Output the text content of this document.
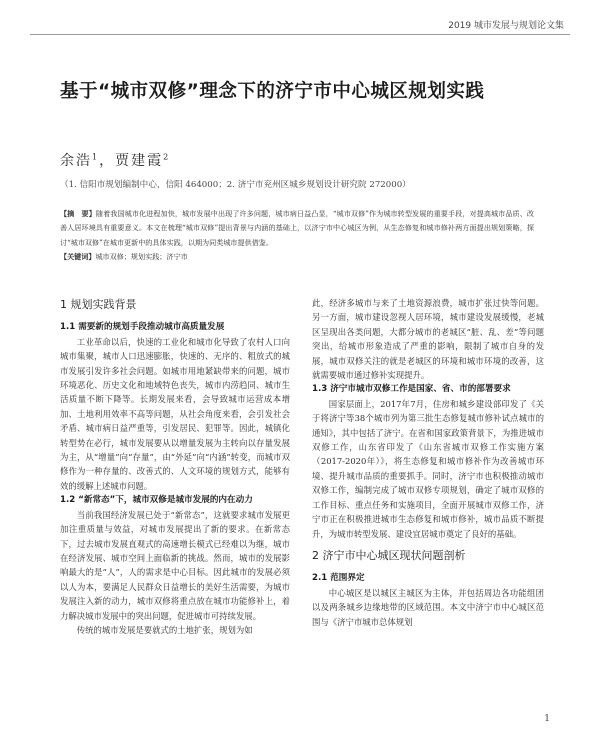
2019 城市发展与规划论文集
基于“城市双修”理念下的济宁市中心城区规划实践
余浩$^1$，贾建霞$^2$
（1. 信阳市规划编制中心，信阳 464000；2. 济宁市兖州区城乡规划设计研究院 272000）
【摘　要】随着我国城市化进程加快，城市发展中出现了许多问题，城市病日益凸显，“城市双修”作为城市转型发展的重要手段，对提高城市品质、改善人居环境具有重要意义。本文在梳理“城市双修”提出背景与内涵的基础上，以济宁市中心城区为例，从生态修复和城市修补两方面提出规划策略，探讨“城市双修”在城市更新中的具体实践，以期为同类城市提供借鉴。
【关键词】城市双修；规划实践；济宁市
1 规划实践背景
1.1 需要新的规划手段推动城市高质量发展

工业革命以后，快速的工业化和城市化导致了农村人口向城市集聚，城市人口迅速膨胀，快速的、无序的、粗放式的城市发展引发许多社会问题。如城市用地紧缺带来的问题，城市环境恶化、历史文化和地域特色丧失，城市内涝趋同、城市生活质量不断下降等。长期发展来看，会导致城市运营成本增加、土地利用效率不高等问题，从社会角度来看，会引发社会矛盾、城市病日益严重等，引发居民、犯罪等。因此，城镇化转型势在必行，城市发展要从以增量发展为主转向以存量发展为主，从“增量”向“存量”，由“外延”向“内涵”转变，而城市双修作为一种存量的、改善式的、人文环境的规划方式，能够有效的缓解上述城市问题。

1.2 “新常态”下，城市双修是城市发展的内在动力

当前我国经济发展已处于“新常态”，这就要求城市发展更加注重质量与效益，对城市发展提出了新的要求。在新常态下，过去城市发展直观式的高速增长模式已经难以为继，城市在经济发展、城市空间上面临新的挑战。然而，城市的发展影响最大的是“人”，人的需求是中心目标。因此城市的发展必须以人为本，要满足人民群众日益增长的美好生活需要，为城市发展注入新的动力，城市双修将重点放在城市功能修补上，着力解决城市发展中的突出问题，促进城市可持续发展。

传统的城市发展是要就式的土地扩张，规划为如

此，经济多城市与来了土地资源浪费，城市扩张过快等问题。另一方面，城市建设忽视人居环境，城市建设发展缓慢，老城区呈现出各类问题，大都分城市的老城区“脏、乱、差”等问题突出，给城市形象造成了严重的影响，限制了城市自身的发展，城市双修关注的就是老城区的环境和城市环境的改善，这就需要城市通过修补实现提升。

1.3 济宁市城市双修工作是国家、省、市的部署要求

国家层面上，2017年7月，住房和城乡建设部印发了《关于将济宁等38个城市列为第三批生态修复城市修补试点城市的通知》，其中包括了济宁。在省和国家政策背景下，为推进城市双修工作，山东省印发了《山东省城市双修工作实施方案（2017-2020年）》，将生态修复和城市修补作为改善城市环境、提升城市品质的重要抓手。同时，济宁市也积极推动城市双修工作，编制完成了城市双修专项规划，确定了城市双修的工作目标、重点任务和实施项目，全面开展城市双修工作，济宁市正在积极推进城市生态修复和城市修补，城市品质不断提升，为城市转型发展、建设宜居城市奠定了良好的基础。

2 济宁市中心城区现状问题剖析
2.1 范围界定

中心城区是以城区主城区为主体，并包括周边各功能组团以及两条城乡边缘地带的区域范围。本文中济宁市中心城区范围与《济宁市城市总体规划

1
